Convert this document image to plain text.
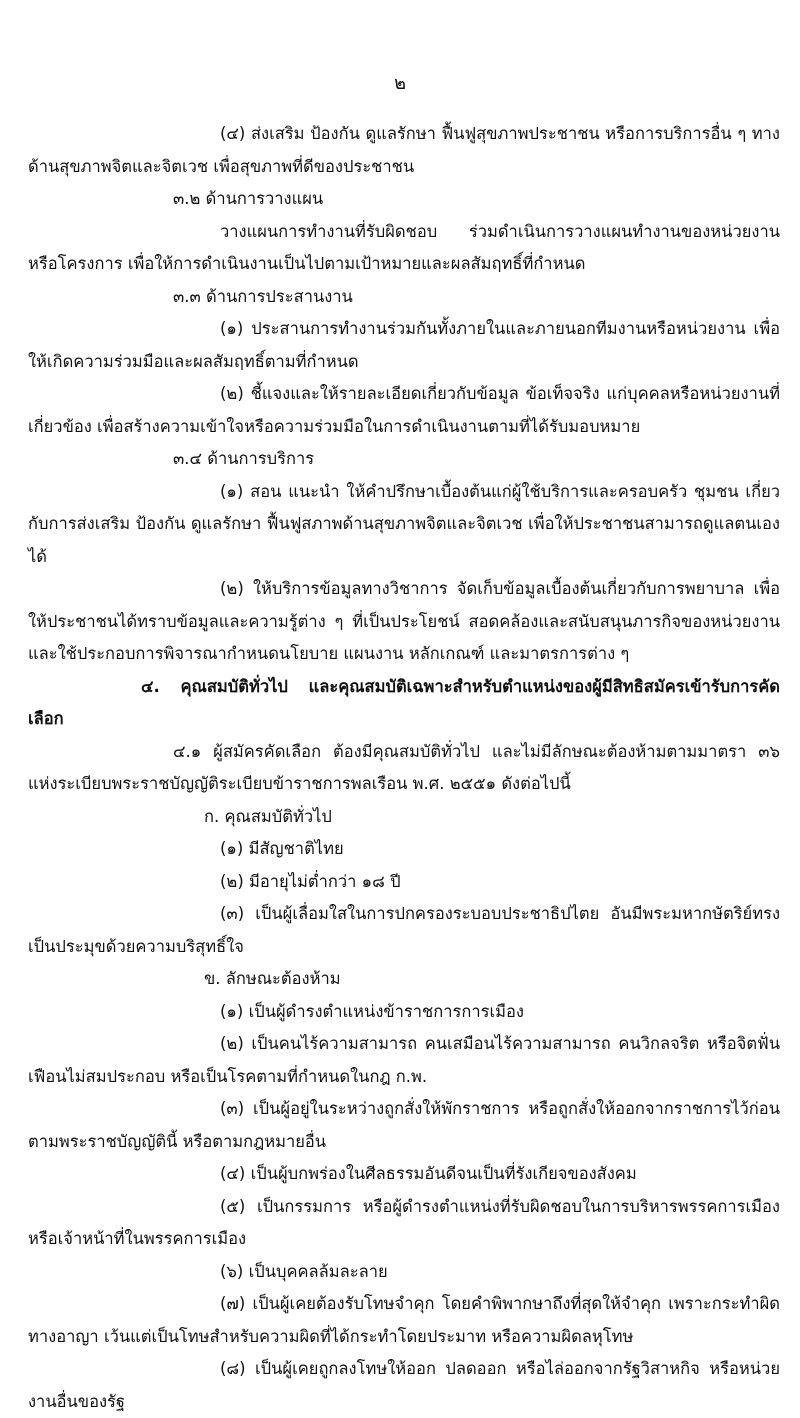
๒

(๔) ส่งเสริม ป้องกัน ดูแลรักษา ฟื้นฟูสุขภาพประชาชน หรือการบริการอื่น ๆ ทางด้านสุขภาพจิตและจิตเวช เพื่อสุขภาพที่ดีของประชาชน

๓.๒ ด้านการวางแผน

วางแผนการทำงานที่รับผิดชอบ ร่วมดำเนินการวางแผนทำงานของหน่วยงาน หรือโครงการ เพื่อให้การดำเนินงานเป็นไปตามเป้าหมายและผลสัมฤทธิ์ที่กำหนด

๓.๓ ด้านการประสานงาน

(๑) ประสานการทำงานร่วมกันทั้งภายในและภายนอกทีมงานหรือหน่วยงาน เพื่อให้เกิดความร่วมมือและผลสัมฤทธิ์ตามที่กำหนด

(๒) ชี้แจงและให้รายละเอียดเกี่ยวกับข้อมูล ข้อเท็จจริง แก่บุคคลหรือหน่วยงานที่เกี่ยวข้อง เพื่อสร้างความเข้าใจหรือความร่วมมือในการดำเนินงานตามที่ได้รับมอบหมาย

๓.๔ ด้านการบริการ

(๑) สอน แนะนำ ให้คำปรึกษาเบื้องต้นแก่ผู้ใช้บริการและครอบครัว ชุมชน เกี่ยวกับการส่งเสริม ป้องกัน ดูแลรักษา ฟื้นฟูสภาพด้านสุขภาพจิตและจิตเวช เพื่อให้ประชาชนสามารถดูแลตนเองได้

(๒) ให้บริการข้อมูลทางวิชาการ จัดเก็บข้อมูลเบื้องต้นเกี่ยวกับการพยาบาล เพื่อให้ประชาชนได้ทราบข้อมูลและความรู้ต่าง ๆ ที่เป็นประโยชน์ สอดคล้องและสนับสนุนภารกิจของหน่วยงาน และใช้ประกอบการพิจารณากำหนดนโยบาย แผนงาน หลักเกณฑ์ และมาตรการต่าง ๆ

๔. คุณสมบัติทั่วไป และคุณสมบัติเฉพาะสำหรับตำแหน่งของผู้มีสิทธิสมัครเข้ารับการคัดเลือก

๔.๑ ผู้สมัครคัดเลือก ต้องมีคุณสมบัติทั่วไป และไม่มีลักษณะต้องห้ามตามมาตรา ๓๖ แห่งระเบียบพระราชบัญญัติระเบียบข้าราชการพลเรือน พ.ศ. ๒๕๕๑ ดังต่อไปนี้

ก. คุณสมบัติทั่วไป

(๑) มีสัญชาติไทย

(๒) มีอายุไม่ต่ำกว่า ๑๘ ปี

(๓) เป็นผู้เลื่อมใสในการปกครองระบอบประชาธิปไตย อันมีพระมหากษัตริย์ทรงเป็นประมุขด้วยความบริสุทธิ์ใจ

ข. ลักษณะต้องห้าม

(๑) เป็นผู้ดำรงตำแหน่งข้าราชการการเมือง

(๒) เป็นคนไร้ความสามารถ คนเสมือนไร้ความสามารถ คนวิกลจริต หรือจิตฟั่นเฟือนไม่สมประกอบ หรือเป็นโรคตามที่กำหนดในกฎ ก.พ.

(๓) เป็นผู้อยู่ในระหว่างถูกสั่งให้พักราชการ หรือถูกสั่งให้ออกจากราชการไว้ก่อนตามพระราชบัญญัตินี้ หรือตามกฎหมายอื่น

(๔) เป็นผู้บกพร่องในศีลธรรมอันดีจนเป็นที่รังเกียจของสังคม

(๕) เป็นกรรมการ หรือผู้ดำรงตำแหน่งที่รับผิดชอบในการบริหารพรรคการเมือง หรือเจ้าหน้าที่ในพรรคการเมือง

(๖) เป็นบุคคลล้มละลาย

(๗) เป็นผู้เคยต้องรับโทษจำคุก โดยคำพิพากษาถึงที่สุดให้จำคุก เพราะกระทำผิดทางอาญา เว้นแต่เป็นโทษสำหรับความผิดที่ได้กระทำโดยประมาท หรือความผิดลหุโทษ

(๘) เป็นผู้เคยถูกลงโทษให้ออก ปลดออก หรือไล่ออกจากรัฐวิสาหกิจ หรือหน่วยงานอื่นของรัฐ
